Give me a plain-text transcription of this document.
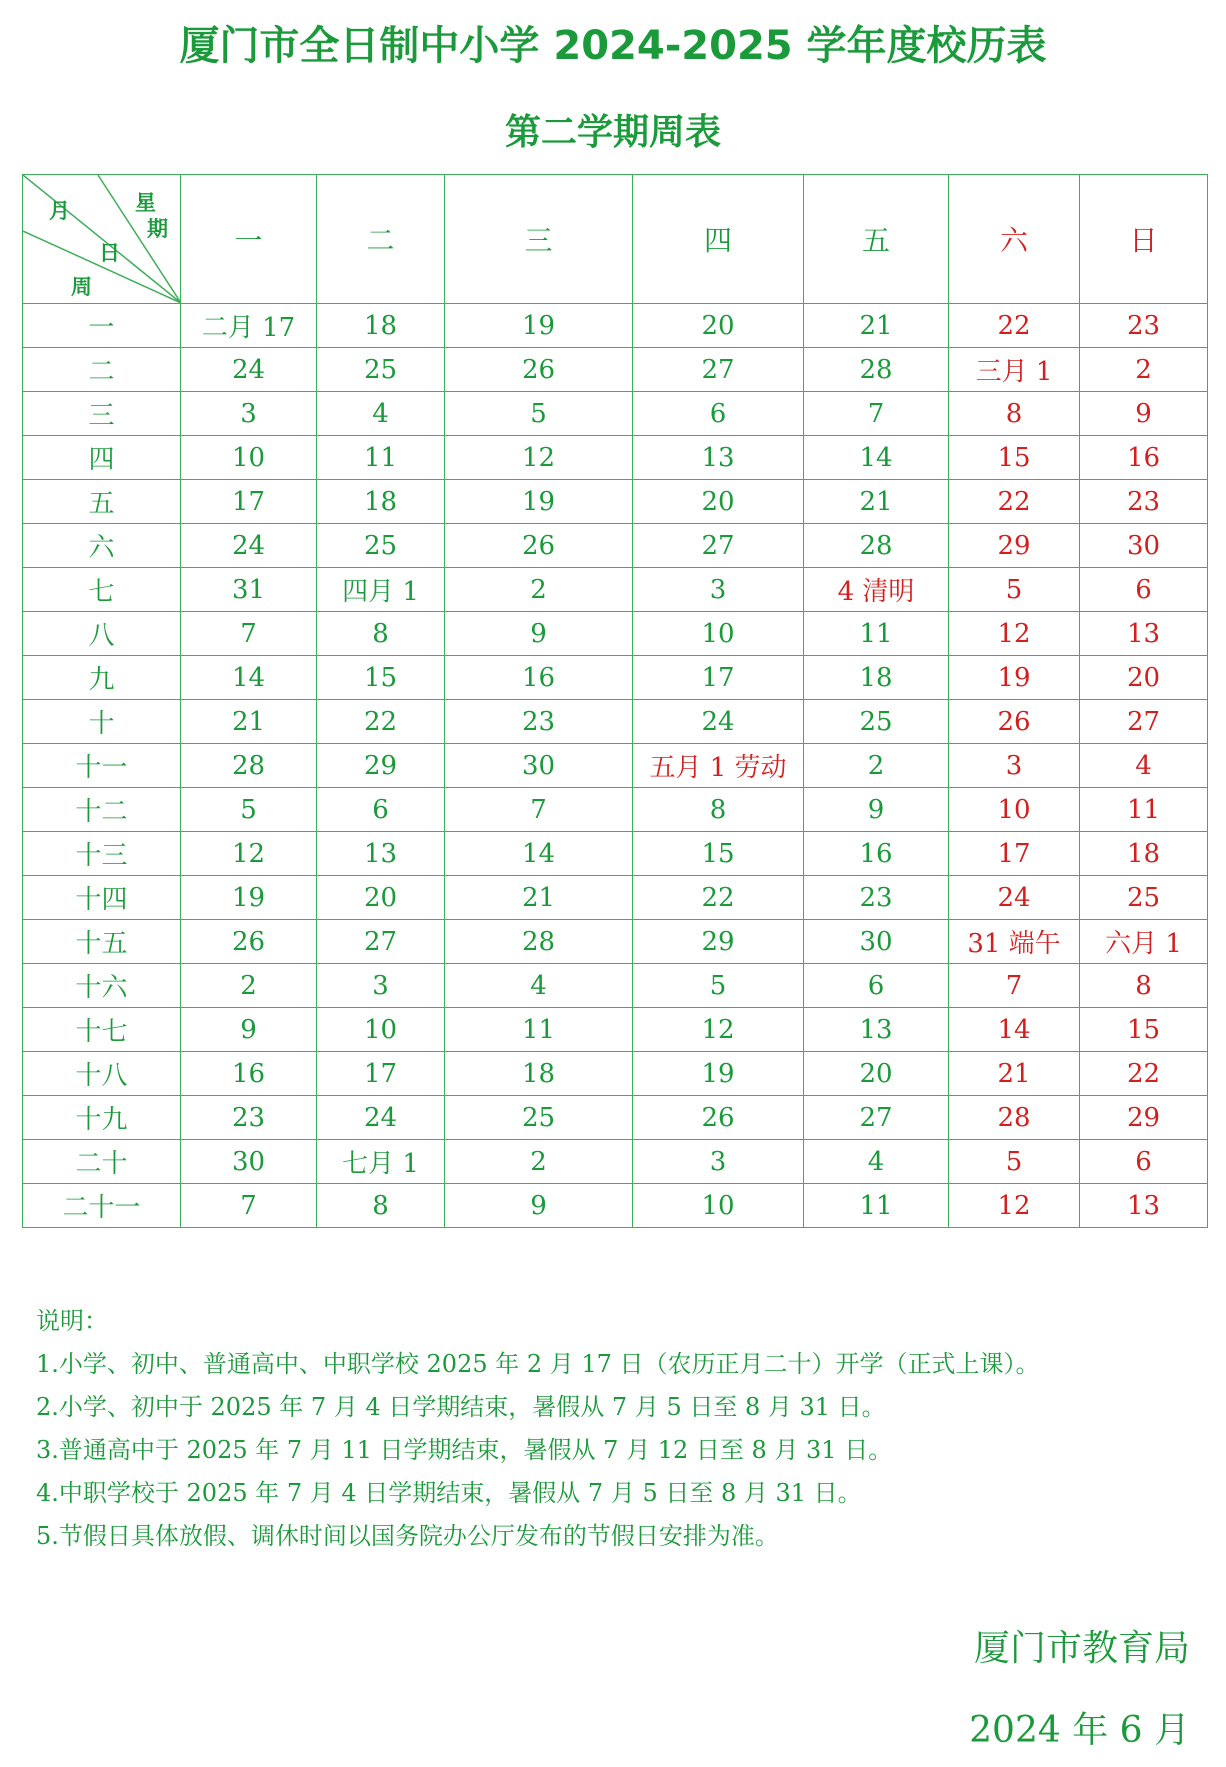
厦门市全日制中小学 2024-2025 学年度校历表
第二学期周表
月 星
期
日
周	一	二	三	四	五	六	日
一	二月 17	18	19	20	21	22	23
二	24	25	26	27	28	三月 1	2
三	3	4	5	6	7	8	9
四	10	11	12	13	14	15	16
五	17	18	19	20	21	22	23
六	24	25	26	27	28	29	30
七	31	四月 1	2	3	4 清明	5	6
八	7	8	9	10	11	12	13
九	14	15	16	17	18	19	20
十	21	22	23	24	25	26	27
十一	28	29	30	五月 1 劳动	2	3	4
十二	5	6	7	8	9	10	11
十三	12	13	14	15	16	17	18
十四	19	20	21	22	23	24	25
十五	26	27	28	29	30	31 端午	六月 1
十六	2	3	4	5	6	7	8
十七	9	10	11	12	13	14	15
十八	16	17	18	19	20	21	22
十九	23	24	25	26	27	28	29
二十	30	七月 1	2	3	4	5	6
二十一	7	8	9	10	11	12	13
说明：
1.小学、初中、普通高中、中职学校 2025 年 2 月 17 日（农历正月二十）开学（正式上课）。
2.小学、初中于 2025 年 7 月 4 日学期结束，暑假从 7 月 5 日至 8 月 31 日。
3.普通高中于 2025 年 7 月 11 日学期结束，暑假从 7 月 12 日至 8 月 31 日。
4.中职学校于 2025 年 7 月 4 日学期结束，暑假从 7 月 5 日至 8 月 31 日。
5.节假日具体放假、调休时间以国务院办公厅发布的节假日安排为准。
厦门市教育局
2024 年 6 月
